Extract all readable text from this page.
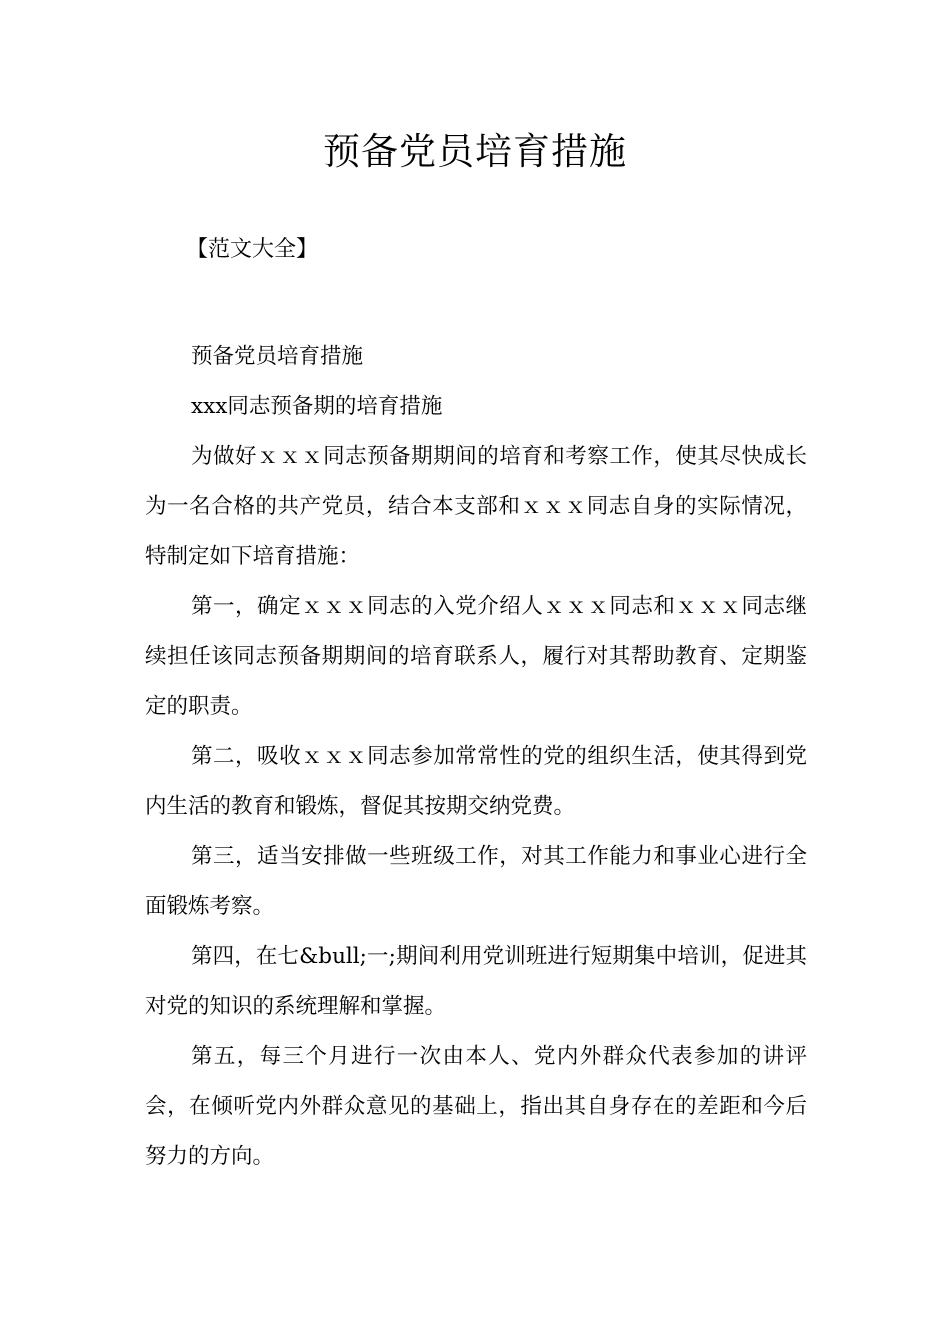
预备党员培育措施
【范文大全】

预备党员培育措施

xxx同志预备期的培育措施

为做好ｘｘｘ同志预备期期间的培育和考察工作，使其尽快成长为一名合格的共产党员，结合本支部和ｘｘｘ同志自身的实际情况，特制定如下培育措施：

第一，确定ｘｘｘ同志的入党介绍人ｘｘｘ同志和ｘｘｘ同志继续担任该同志预备期期间的培育联系人，履行对其帮助教育、定期鉴定的职责。

第二，吸收ｘｘｘ同志参加常常性的党的组织生活，使其得到党内生活的教育和锻炼，督促其按期交纳党费。

第三，适当安排做一些班级工作，对其工作能力和事业心进行全面锻炼考察。

第四，在七&bull;一;期间利用党训班进行短期集中培训，促进其对党的知识的系统理解和掌握。

第五，每三个月进行一次由本人、党内外群众代表参加的讲评会，在倾听党内外群众意见的基础上，指出其自身存在的差距和今后努力的方向。
